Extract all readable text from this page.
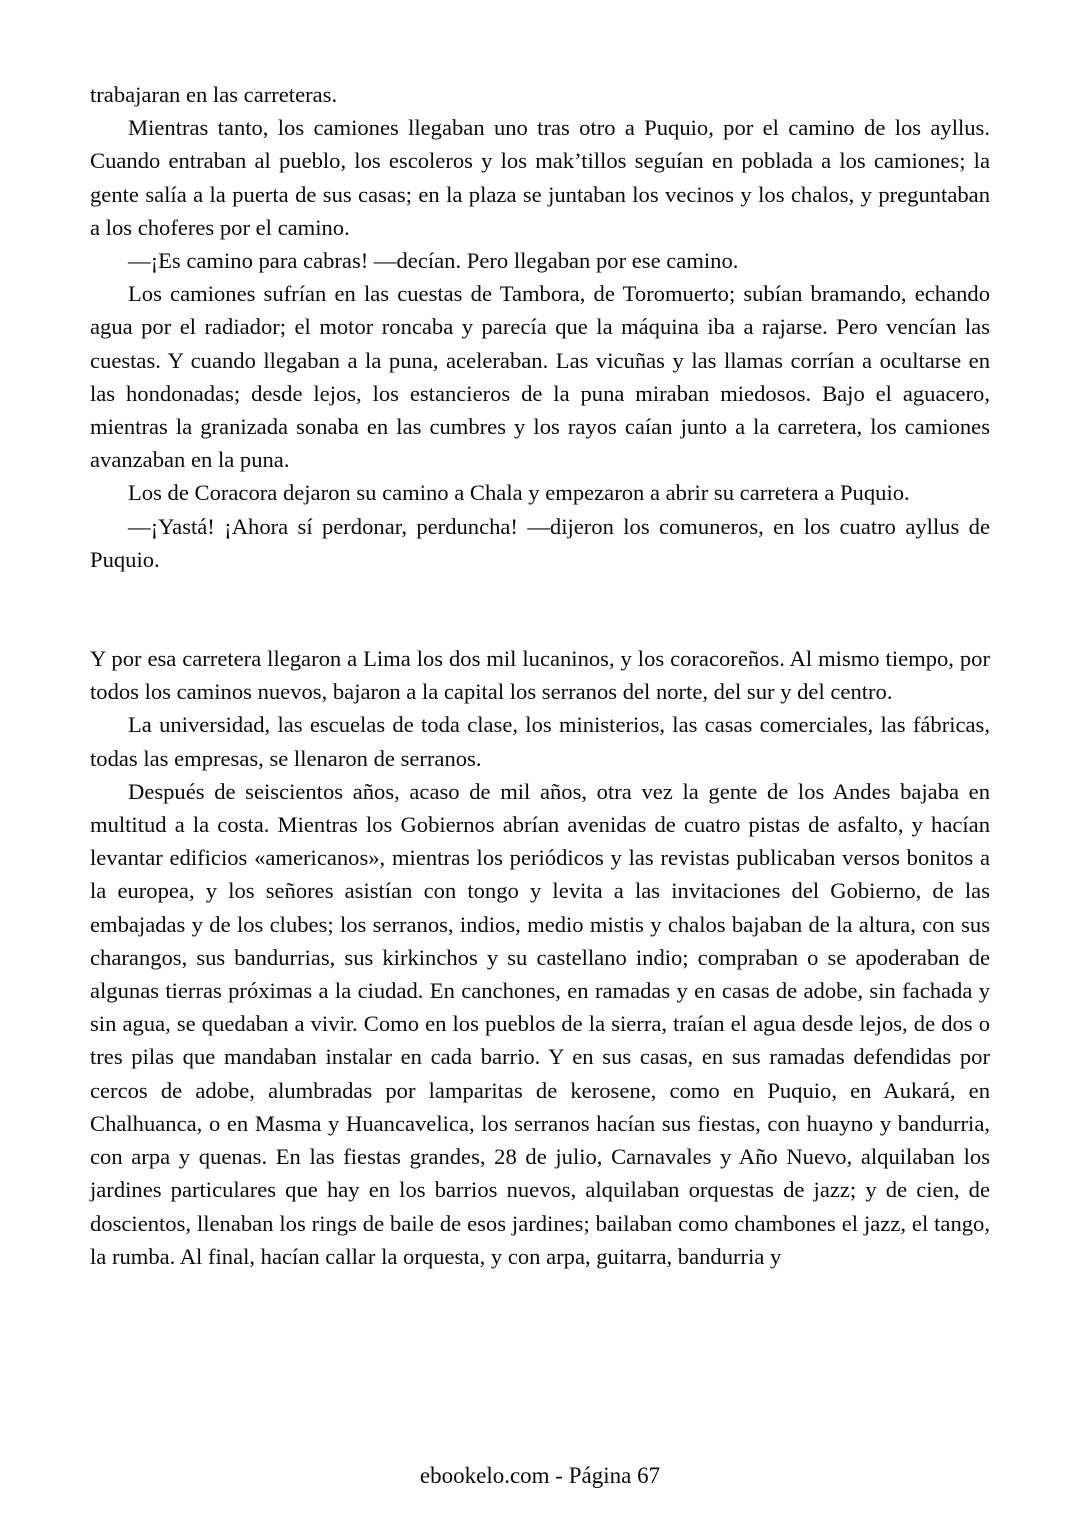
trabajaran en las carreteras.

Mientras tanto, los camiones llegaban uno tras otro a Puquio, por el camino de los ayllus. Cuando entraban al pueblo, los escoleros y los mak’tillos seguían en poblada a los camiones; la gente salía a la puerta de sus casas; en la plaza se juntaban los vecinos y los chalos, y preguntaban a los choferes por el camino.

—¡Es camino para cabras! —decían. Pero llegaban por ese camino.

Los camiones sufrían en las cuestas de Tambora, de Toromuerto; subían bramando, echando agua por el radiador; el motor roncaba y parecía que la máquina iba a rajarse. Pero vencían las cuestas. Y cuando llegaban a la puna, aceleraban. Las vicuñas y las llamas corrían a ocultarse en las hondonadas; desde lejos, los estancieros de la puna miraban miedosos. Bajo el aguacero, mientras la granizada sonaba en las cumbres y los rayos caían junto a la carretera, los camiones avanzaban en la puna.

Los de Coracora dejaron su camino a Chala y empezaron a abrir su carretera a Puquio.

—¡Yastá! ¡Ahora sí perdonar, perduncha! —dijeron los comuneros, en los cuatro ayllus de Puquio.

Y por esa carretera llegaron a Lima los dos mil lucaninos, y los coracoreños. Al mismo tiempo, por todos los caminos nuevos, bajaron a la capital los serranos del norte, del sur y del centro.

La universidad, las escuelas de toda clase, los ministerios, las casas comerciales, las fábricas, todas las empresas, se llenaron de serranos.

Después de seiscientos años, acaso de mil años, otra vez la gente de los Andes bajaba en multitud a la costa. Mientras los Gobiernos abrían avenidas de cuatro pistas de asfalto, y hacían levantar edificios «americanos», mientras los periódicos y las revistas publicaban versos bonitos a la europea, y los señores asistían con tongo y levita a las invitaciones del Gobierno, de las embajadas y de los clubes; los serranos, indios, medio mistis y chalos bajaban de la altura, con sus charangos, sus bandurrias, sus kirkinchos y su castellano indio; compraban o se apoderaban de algunas tierras próximas a la ciudad. En canchones, en ramadas y en casas de adobe, sin fachada y sin agua, se quedaban a vivir. Como en los pueblos de la sierra, traían el agua desde lejos, de dos o tres pilas que mandaban instalar en cada barrio. Y en sus casas, en sus ramadas defendidas por cercos de adobe, alumbradas por lamparitas de kerosene, como en Puquio, en Aukará, en Chalhuanca, o en Masma y Huancavelica, los serranos hacían sus fiestas, con huayno y bandurria, con arpa y quenas. En las fiestas grandes, 28 de julio, Carnavales y Año Nuevo, alquilaban los jardines particulares que hay en los barrios nuevos, alquilaban orquestas de jazz; y de cien, de doscientos, llenaban los rings de baile de esos jardines; bailaban como chambones el jazz, el tango, la rumba. Al final, hacían callar la orquesta, y con arpa, guitarra, bandurria y

ebookelo.com - Página 67
